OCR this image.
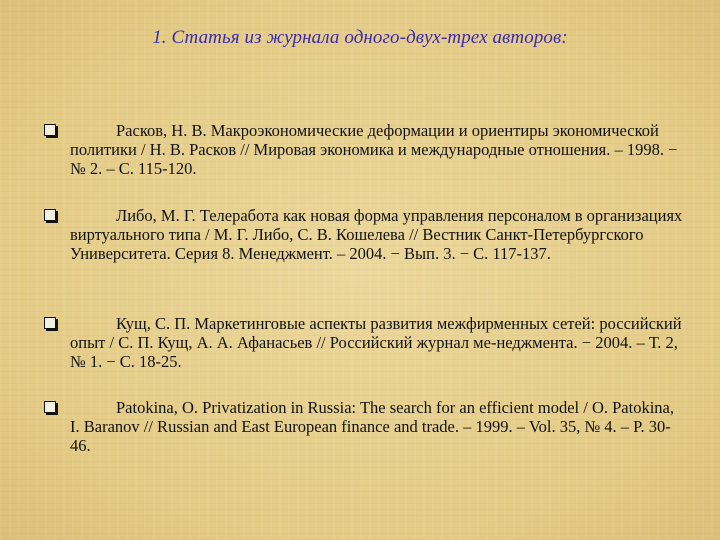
1. Статья из журнала одного-двух-трех авторов:
Расков, Н. В. Макроэкономические деформации и ориентиры экономической политики / Н. В. Расков // Мировая экономика и международные отношения. – 1998. − № 2. – С. 115-120.
Либо, М. Г. Телеработа как новая форма управления персоналом в организациях виртуального типа / М. Г. Либо, С. В. Кошелева // Вестник Санкт-Петербургского Университета. Серия 8. Менеджмент. – 2004. − Вып. 3. − С. 117-137.
Кущ, С. П. Маркетинговые аспекты развития межфирменных сетей: российский опыт / С. П. Кущ, А. А. Афанасьев // Российский журнал ме-неджмента. − 2004. – Т. 2, № 1. − С. 18-25.
Patokina, O. Privatization in Russia: The search for an efficient model / O. Patokina, I. Baranov // Russian and East European finance and trade. – 1999. – Vol. 35, № 4. – P. 30-46.
